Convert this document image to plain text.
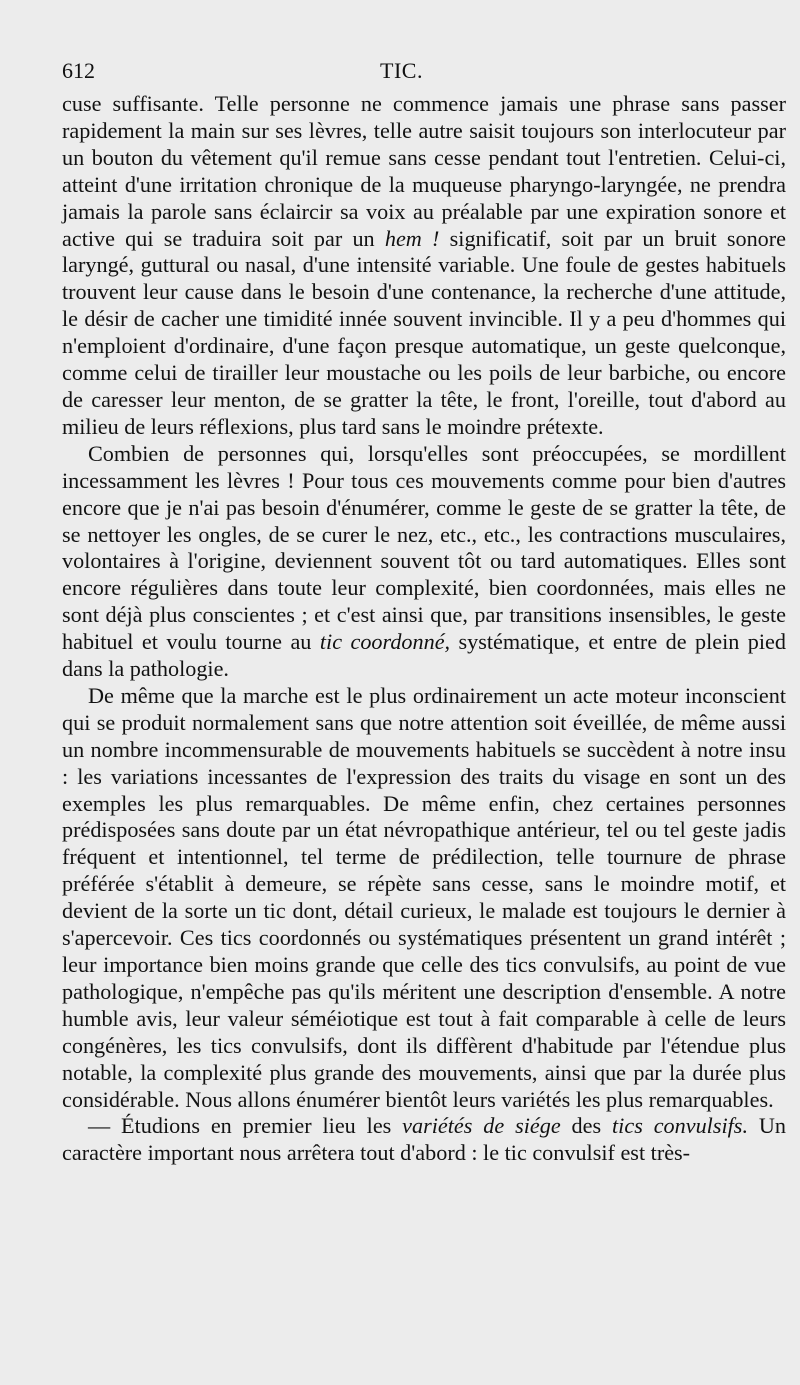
612	TIC.

cuse suffisante. Telle personne ne commence jamais une phrase sans passer rapidement la main sur ses lèvres, telle autre saisit toujours son interlocuteur par un bouton du vêtement qu'il remue sans cesse pendant tout l'entretien. Celui-ci, atteint d'une irritation chronique de la muqueuse pharyngo-laryngée, ne prendra jamais la parole sans éclaircir sa voix au préalable par une expiration sonore et active qui se traduira soit par un hem ! significatif, soit par un bruit sonore laryngé, guttural ou nasal, d'une intensité variable. Une foule de gestes habituels trouvent leur cause dans le besoin d'une contenance, la recherche d'une attitude, le désir de cacher une timidité innée souvent invincible. Il y a peu d'hommes qui n'emploient d'ordinaire, d'une façon presque automatique, un geste quelconque, comme celui de tirailler leur moustache ou les poils de leur barbiche, ou encore de caresser leur menton, de se gratter la tête, le front, l'oreille, tout d'abord au milieu de leurs réflexions, plus tard sans le moindre prétexte.

Combien de personnes qui, lorsqu'elles sont préoccupées, se mordillent incessamment les lèvres ! Pour tous ces mouvements comme pour bien d'autres encore que je n'ai pas besoin d'énumérer, comme le geste de se gratter la tête, de se nettoyer les ongles, de se curer le nez, etc., etc., les contractions musculaires, volontaires à l'origine, deviennent souvent tôt ou tard automatiques. Elles sont encore régulières dans toute leur complexité, bien coordonnées, mais elles ne sont déjà plus conscientes ; et c'est ainsi que, par transitions insensibles, le geste habituel et voulu tourne au tic coordonné, systématique, et entre de plein pied dans la pathologie.

De même que la marche est le plus ordinairement un acte moteur inconscient qui se produit normalement sans que notre attention soit éveillée, de même aussi un nombre incommensurable de mouvements habituels se succèdent à notre insu : les variations incessantes de l'expression des traits du visage en sont un des exemples les plus remarquables. De même enfin, chez certaines personnes prédisposées sans doute par un état névropathique antérieur, tel ou tel geste jadis fréquent et intentionnel, tel terme de prédilection, telle tournure de phrase préférée s'établit à demeure, se répète sans cesse, sans le moindre motif, et devient de la sorte un tic dont, détail curieux, le malade est toujours le dernier à s'apercevoir. Ces tics coordonnés ou systématiques présentent un grand intérêt ; leur importance bien moins grande que celle des tics convulsifs, au point de vue pathologique, n'empêche pas qu'ils méritent une description d'ensemble. A notre humble avis, leur valeur séméiotique est tout à fait comparable à celle de leurs congénères, les tics convulsifs, dont ils diffèrent d'habitude par l'étendue plus notable, la complexité plus grande des mouvements, ainsi que par la durée plus considérable. Nous allons énumérer bientôt leurs variétés les plus remarquables.

— Étudions en premier lieu les variétés de siége des tics convulsifs. Un caractère important nous arrêtera tout d'abord : le tic convulsif est très-
